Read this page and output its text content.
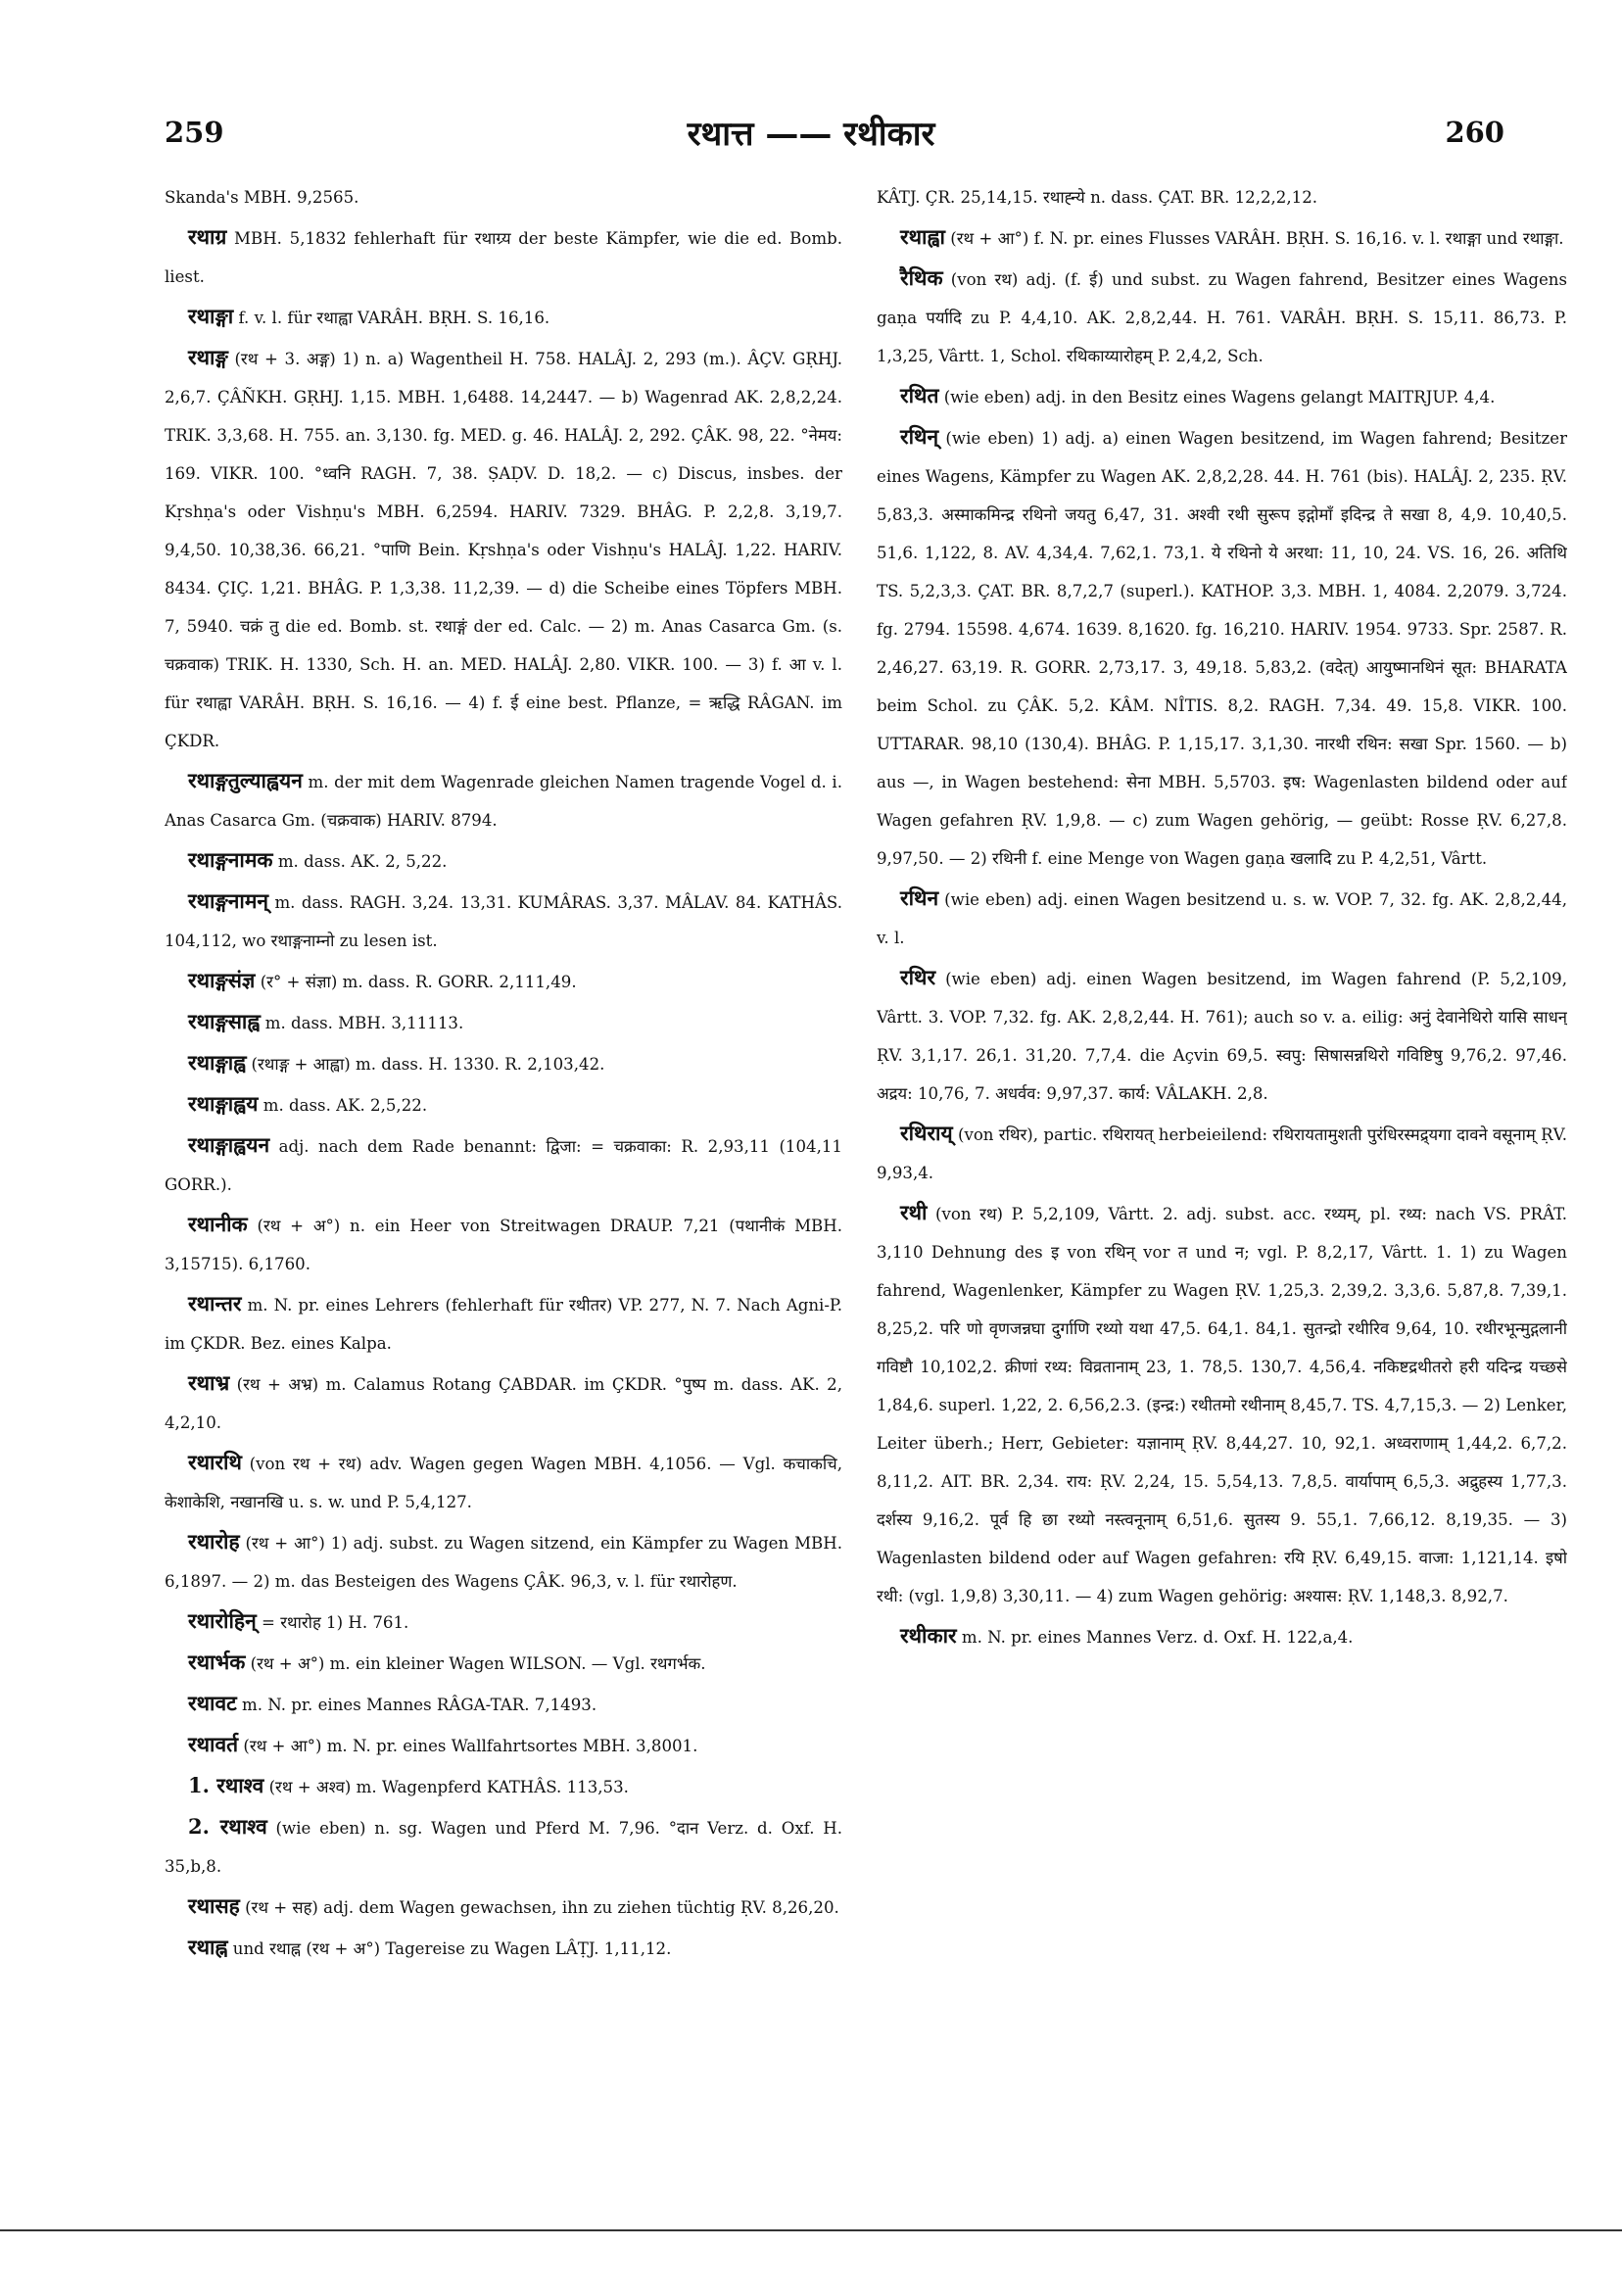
259	रथात्त —— रथीकार	260

Skanda's MBH. 9,2565.

रथाग्र MBH. 5,1832 fehlerhaft für रथाग्र्य der beste Kämpfer, wie die ed. Bomb. liest.

रथाङ्गा f. v. l. für रथाह्वा VARÂH. BṚH. S. 16,16.

रथाङ्ग (रथ + 3. अङ्ग) 1) n. a) Wagentheil H. 758. HALÂJ. 2, 293 (m.). ÂÇV. GṚHJ. 2,6,7. ÇÂÑKH. GṚHJ. 1,15. MBH. 1,6488. 14,2447. — b) Wagenrad AK. 2,8,2,24. TRIK. 3,3,68. H. 755. an. 3,130. fg. MED. g. 46. HALÂJ. 2, 292. ÇÂK. 98, 22. °नेमय: 169. VIKR. 100. °ध्वनि RAGH. 7, 38. ṢAḌV. D. 18,2. — c) Discus, insbes. der Kṛshṇa's oder Vishṇu's MBH. 6,2594. HARIV. 7329. BHÂG. P. 2,2,8. 3,19,7. 9,4,50. 10,38,36. 66,21. °पाणि Bein. Kṛshṇa's oder Vishṇu's HALÂJ. 1,22. HARIV. 8434. ÇIÇ. 1,21. BHÂG. P. 1,3,38. 11,2,39. — d) die Scheibe eines Töpfers MBH. 7, 5940. चक्रं तु die ed. Bomb. st. रथाङ्गं der ed. Calc. — 2) m. Anas Casarca Gm. (s. चक्रवाक) TRIK. H. 1330, Sch. H. an. MED. HALÂJ. 2,80. VIKR. 100. — 3) f. आ v. l. für रथाह्वा VARÂH. BṚH. S. 16,16. — 4) f. ई eine best. Pflanze, = ऋद्धि RÂGAN. im ÇKDR.

रथाङ्गतुल्याह्वयन m. der mit dem Wagenrade gleichen Namen tragende Vogel d. i. Anas Casarca Gm. (चक्रवाक) HARIV. 8794.

रथाङ्गनामक m. dass. AK. 2, 5,22.

रथाङ्गनामन् m. dass. RAGH. 3,24. 13,31. KUMÂRAS. 3,37. MÂLAV. 84. KATHÂS. 104,112, wo रथाङ्गनाम्नो zu lesen ist.

रथाङ्गसंज्ञ (र° + संज्ञा) m. dass. R. GORR. 2,111,49.

रथाङ्गसाह्व m. dass. MBH. 3,11113.

रथाङ्गाह्व (रथाङ्ग + आह्वा) m. dass. H. 1330. R. 2,103,42.

रथाङ्गाह्वय m. dass. AK. 2,5,22.

रथाङ्गाह्वयन adj. nach dem Rade benannt: द्विजा: = चक्रवाका: R. 2,93,11 (104,11 GORR.).

रथानीक (रथ + अ°) n. ein Heer von Streitwagen DRAUP. 7,21 (पथानीकं MBH. 3,15715). 6,1760.

रथान्तर m. N. pr. eines Lehrers (fehlerhaft für रथीतर) VP. 277, N. 7. Nach Agni-P. im ÇKDR. Bez. eines Kalpa.

रथाभ्र (रथ + अभ्र) m. Calamus Rotang ÇABDAR. im ÇKDR. °पुष्प m. dass. AK. 2, 4,2,10.

रथारथि (von रथ + रथ) adv. Wagen gegen Wagen MBH. 4,1056. — Vgl. कचाकचि, केशाकेशि, नखानखि u. s. w. und P. 5,4,127.

रथारोह (रथ + आ°) 1) adj. subst. zu Wagen sitzend, ein Kämpfer zu Wagen MBH. 6,1897. — 2) m. das Besteigen des Wagens ÇÂK. 96,3, v. l. für रथारोहण.

रथारोहिन् = रथारोह 1) H. 761.

रथार्भक (रथ + अ°) m. ein kleiner Wagen WILSON. — Vgl. रथगर्भक.

रथावट m. N. pr. eines Mannes RÂGA-TAR. 7,1493.

रथावर्त (रथ + आ°) m. N. pr. eines Wallfahrtsortes MBH. 3,8001.

1. रथाश्व (रथ + अश्व) m. Wagenpferd KATHÂS. 113,53.

2. रथाश्व (wie eben) n. sg. Wagen und Pferd M. 7,96. °दान Verz. d. Oxf. H. 35,b,8.

रथासह (रथ + सह) adj. dem Wagen gewachsen, ihn zu ziehen tüchtig ṚV. 8,26,20.

रथाह्न und रथाह्न (रथ + अ°) Tagereise zu Wagen LÂṬJ. 1,11,12.

KÂTJ. ÇR. 25,14,15. रथाह्न्ये n. dass. ÇAT. BR. 12,2,2,12.

रथाह्वा (रथ + आ°) f. N. pr. eines Flusses VARÂH. BṚH. S. 16,16. v. l. रथाङ्गा und रथाङ्गा.

रैथिक (von रथ) adj. (f. ई) und subst. zu Wagen fahrend, Besitzer eines Wagens gaṇa पर्यादि zu P. 4,4,10. AK. 2,8,2,44. H. 761. VARÂH. BṚH. S. 15,11. 86,73. P. 1,3,25, Vârtt. 1, Schol. रथिकाय्यारोहम् P. 2,4,2, Sch.

रथित (wie eben) adj. in den Besitz eines Wagens gelangt MAITRJUP. 4,4.

रथिन् (wie eben) 1) adj. a) einen Wagen besitzend, im Wagen fahrend; Besitzer eines Wagens, Kämpfer zu Wagen AK. 2,8,2,28. 44. H. 761 (bis). HALÂJ. 2, 235. ṚV. 5,83,3. अस्माकमिन्द्र रथिनो जयतु 6,47, 31. अश्वी रथी सुरूप इद्गोमाँ इदिन्द्र ते सखा 8, 4,9. 10,40,5. 51,6. 1,122, 8. AV. 4,34,4. 7,62,1. 73,1. ये रथिनो ये अरथा: 11, 10, 24. VS. 16, 26. अतिथि TS. 5,2,3,3. ÇAT. BR. 8,7,2,7 (superl.). KATHOP. 3,3. MBH. 1, 4084. 2,2079. 3,724. fg. 2794. 15598. 4,674. 1639. 8,1620. fg. 16,210. HARIV. 1954. 9733. Spr. 2587. R. 2,46,27. 63,19. R. GORR. 2,73,17. 3, 49,18. 5,83,2. (वदेत्) आयुष्मानथिनं सूत: BHARATA beim Schol. zu ÇÂK. 5,2. KÂM. NÎTIS. 8,2. RAGH. 7,34. 49. 15,8. VIKR. 100. UTTARAR. 98,10 (130,4). BHÂG. P. 1,15,17. 3,1,30. नारथी रथिन: सखा Spr. 1560. — b) aus —, in Wagen bestehend: सेना MBH. 5,5703. इष: Wagenlasten bildend oder auf Wagen gefahren ṚV. 1,9,8. — c) zum Wagen gehörig, — geübt: Rosse ṚV. 6,27,8. 9,97,50. — 2) रथिनी f. eine Menge von Wagen gaṇa खलादि zu P. 4,2,51, Vârtt.

रथिन (wie eben) adj. einen Wagen besitzend u. s. w. VOP. 7, 32. fg. AK. 2,8,2,44, v. l.

रथिर (wie eben) adj. einen Wagen besitzend, im Wagen fahrend (P. 5,2,109, Vârtt. 3. VOP. 7,32. fg. AK. 2,8,2,44. H. 761); auch so v. a. eilig: अनुं देवानेथिरो यासि साधन् ṚV. 3,1,17. 26,1. 31,20. 7,7,4. die Açvin 69,5. स्वपु: सिषासन्नथिरो गविष्टिषु 9,76,2. 97,46. अद्रय: 10,76, 7. अधर्वव: 9,97,37. कार्य: VÂLAKH. 2,8.

रथिराय् (von रथिर), partic. रथिरायत् herbeieilend: रथिरायतामुशती पुरंधिरस्मद्र्यगा दावने वसूनाम् ṚV. 9,93,4.

रथी (von रथ) P. 5,2,109, Vârtt. 2. adj. subst. acc. रथ्यम्, pl. रथ्य: nach VS. PRÂT. 3,110 Dehnung des इ von रथिन् vor त und न; vgl. P. 8,2,17, Vârtt. 1. 1) zu Wagen fahrend, Wagenlenker, Kämpfer zu Wagen ṚV. 1,25,3. 2,39,2. 3,3,6. 5,87,8. 7,39,1. 8,25,2. परि णो वृणजन्नघा दुर्गाणि रथ्यो यथा 47,5. 64,1. 84,1. सुतन्द्रो रथीरिव 9,64, 10. रथीरभून्मुद्गलानी गविष्टौ 10,102,2. क्रीणां रथ्य: विव्रतानाम् 23, 1. 78,5. 130,7. 4,56,4. नकिष्टद्रथीतरो हरी यदिन्द्र यच्छसे 1,84,6. superl. 1,22, 2. 6,56,2.3. (इन्द्र:) रथीतमो रथीनाम् 8,45,7. TS. 4,7,15,3. — 2) Lenker, Leiter überh.; Herr, Gebieter: यज्ञानाम् ṚV. 8,44,27. 10, 92,1. अध्वराणाम् 1,44,2. 6,7,2. 8,11,2. AIT. BR. 2,34. राय: ṚV. 2,24, 15. 5,54,13. 7,8,5. वार्यापाम् 6,5,3. अद्रुहस्य 1,77,3. दर्शस्य 9,16,2. पूर्व हि छा रथ्यो नस्त्वनूनाम् 6,51,6. सुतस्य 9. 55,1. 7,66,12. 8,19,35. — 3) Wagenlasten bildend oder auf Wagen gefahren: रयि ṚV. 6,49,15. वाजा: 1,121,14. इषो रथी: (vgl. 1,9,8) 3,30,11. — 4) zum Wagen gehörig: अश्यास: ṚV. 1,148,3. 8,92,7.

रथीकार m. N. pr. eines Mannes Verz. d. Oxf. H. 122,a,4.
